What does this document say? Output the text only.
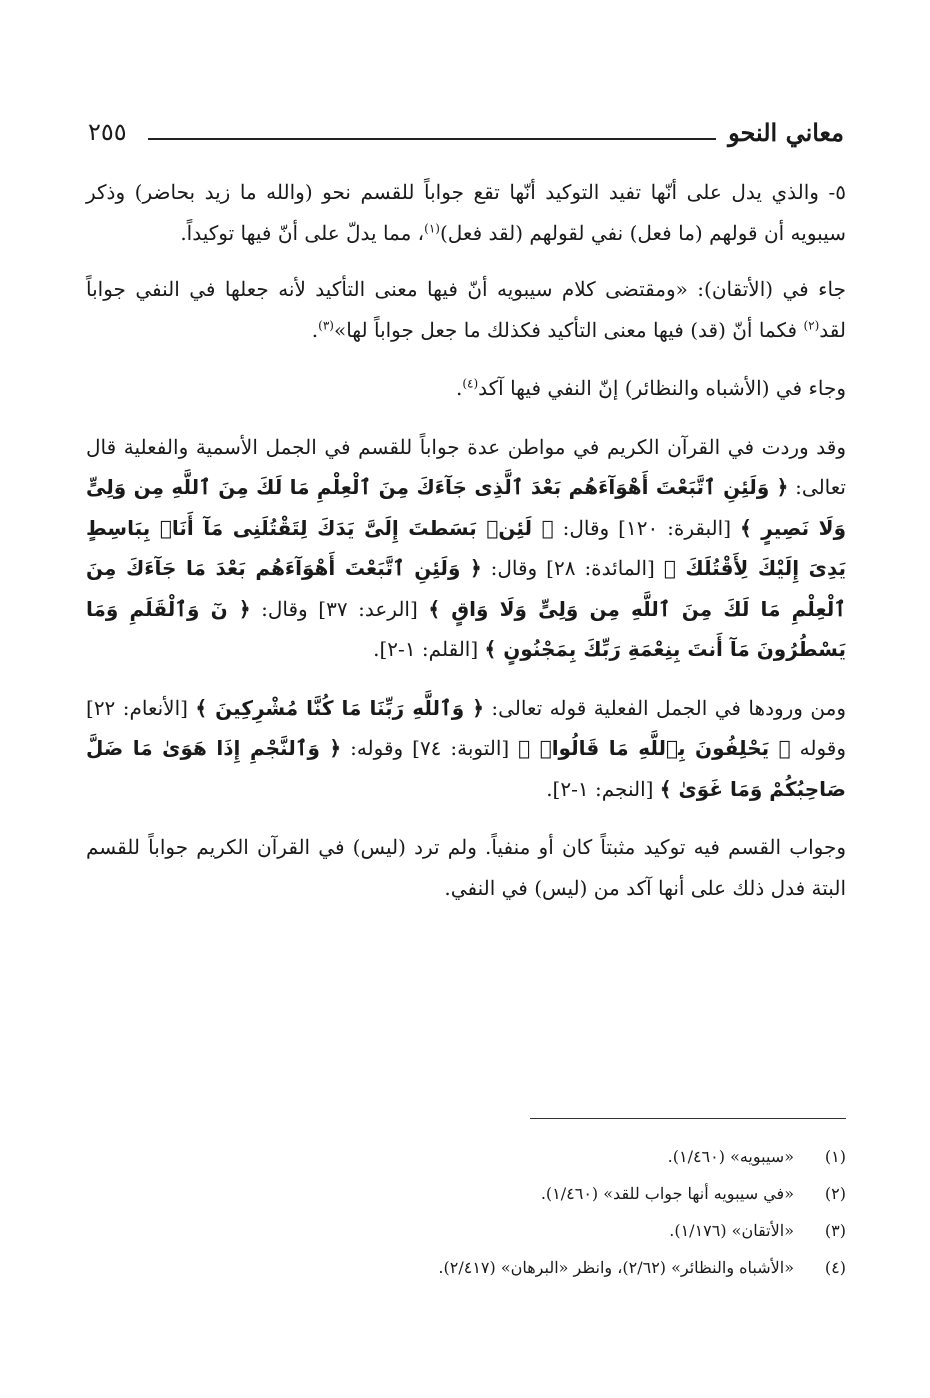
معاني النحو
٢٥٥

٥- والذي يدل على أنّها تفيد التوكيد أنّها تقع جواباً للقسم نحو (والله ما زيد بحاضر) وذكر سيبويه أن قولهم (ما فعل) نفي لقولهم (لقد فعل)$^{(١)}$، مما يدلّ على أنّ فيها توكيداً.

جاء في (الأتقان): «ومقتضى كلام سيبويه أنّ فيها معنى التأكيد لأنه جعلها في النفي جواباً لقد$^{(٢)}$ فكما أنّ (قد) فيها معنى التأكيد فكذلك ما جعل جواباً لها»$^{(٣)}$.

وجاء في (الأشباه والنظائر) إنّ النفي فيها آكد$^{(٤)}$.

وقد وردت في القرآن الكريم في مواطن عدة جواباً للقسم في الجمل الأسمية والفعلية قال تعالى: ﴿ وَلَئِنِ ٱتَّبَعْتَ أَهْوَآءَهُم بَعْدَ ٱلَّذِى جَآءَكَ مِنَ ٱلْعِلْمِ مَا لَكَ مِنَ ٱللَّهِ مِن وَلِىٍّ وَلَا نَصِيرٍ ﴾ [البقرة: ١٢٠] وقال: ﴿ لَئِنۢ بَسَطتَ إِلَىَّ يَدَكَ لِتَقْتُلَنِى مَآ أَنَا۠ بِبَاسِطٍ يَدِىَ إِلَيْكَ لِأَقْتُلَكَ ﴾ [المائدة: ٢٨] وقال: ﴿ وَلَئِنِ ٱتَّبَعْتَ أَهْوَآءَهُم بَعْدَ مَا جَآءَكَ مِنَ ٱلْعِلْمِ مَا لَكَ مِنَ ٱللَّهِ مِن وَلِىٍّ وَلَا وَاقٍ ﴾ [الرعد: ٣٧] وقال: ﴿ نٓ وَٱلْقَلَمِ وَمَا يَسْطُرُونَ مَآ أَنتَ بِنِعْمَةِ رَبِّكَ بِمَجْنُونٍ ﴾ [القلم: ١-٢].

ومن ورودها في الجمل الفعلية قوله تعالى: ﴿ وَٱللَّهِ رَبِّنَا مَا كُنَّا مُشْرِكِينَ ﴾ [الأنعام: ٢٢] وقوله ﴿ يَحْلِفُونَ بِٱللَّهِ مَا قَالُوا۟ ﴾ [التوبة: ٧٤] وقوله: ﴿ وَٱلنَّجْمِ إِذَا هَوَىٰ مَا ضَلَّ صَاحِبُكُمْ وَمَا غَوَىٰ ﴾ [النجم: ١-٢].

وجواب القسم فيه توكيد مثبتاً كان أو منفياً. ولم ترد (ليس) في القرآن الكريم جواباً للقسم البتة فدل ذلك على أنها آكد من (ليس) في النفي.

(١)
«سيبويه» (١/٤٦٠).

(٢)
«في سيبويه أنها جواب للقد» (١/٤٦٠).

(٣)
«الأتقان» (١/١٧٦).

(٤)
«الأشباه والنظائر» (٢/٦٢)، وانظر «البرهان» (٢/٤١٧).
